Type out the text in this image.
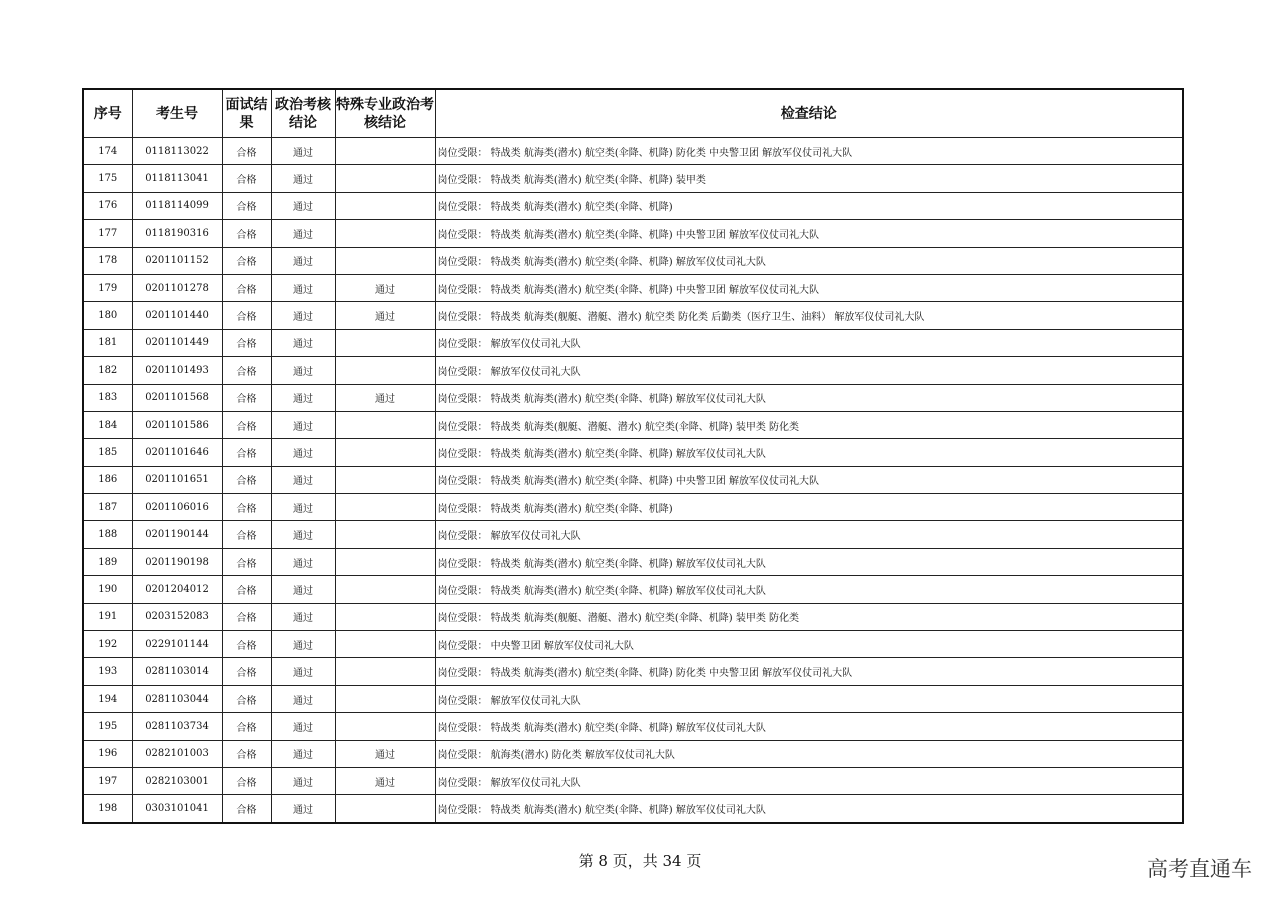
序号	考生号	面试结果	政治考核结论	特殊专业政治考核结论	检查结论
174	0118113022	合格	通过		岗位受限： 特战类 航海类(潜水) 航空类(伞降、机降) 防化类 中央警卫团 解放军仪仗司礼大队
175	0118113041	合格	通过		岗位受限： 特战类 航海类(潜水) 航空类(伞降、机降) 装甲类
176	0118114099	合格	通过		岗位受限： 特战类 航海类(潜水) 航空类(伞降、机降)
177	0118190316	合格	通过		岗位受限： 特战类 航海类(潜水) 航空类(伞降、机降) 中央警卫团 解放军仪仗司礼大队
178	0201101152	合格	通过		岗位受限： 特战类 航海类(潜水) 航空类(伞降、机降) 解放军仪仗司礼大队
179	0201101278	合格	通过	通过	岗位受限： 特战类 航海类(潜水) 航空类(伞降、机降) 中央警卫团 解放军仪仗司礼大队
180	0201101440	合格	通过	通过	岗位受限： 特战类 航海类(舰艇、潜艇、潜水) 航空类 防化类 后勤类（医疗卫生、油料） 解放军仪仗司礼大队
181	0201101449	合格	通过		岗位受限： 解放军仪仗司礼大队
182	0201101493	合格	通过		岗位受限： 解放军仪仗司礼大队
183	0201101568	合格	通过	通过	岗位受限： 特战类 航海类(潜水) 航空类(伞降、机降) 解放军仪仗司礼大队
184	0201101586	合格	通过		岗位受限： 特战类 航海类(舰艇、潜艇、潜水) 航空类(伞降、机降) 装甲类 防化类
185	0201101646	合格	通过		岗位受限： 特战类 航海类(潜水) 航空类(伞降、机降) 解放军仪仗司礼大队
186	0201101651	合格	通过		岗位受限： 特战类 航海类(潜水) 航空类(伞降、机降) 中央警卫团 解放军仪仗司礼大队
187	0201106016	合格	通过		岗位受限： 特战类 航海类(潜水) 航空类(伞降、机降)
188	0201190144	合格	通过		岗位受限： 解放军仪仗司礼大队
189	0201190198	合格	通过		岗位受限： 特战类 航海类(潜水) 航空类(伞降、机降) 解放军仪仗司礼大队
190	0201204012	合格	通过		岗位受限： 特战类 航海类(潜水) 航空类(伞降、机降) 解放军仪仗司礼大队
191	0203152083	合格	通过		岗位受限： 特战类 航海类(舰艇、潜艇、潜水) 航空类(伞降、机降) 装甲类 防化类
192	0229101144	合格	通过		岗位受限： 中央警卫团 解放军仪仗司礼大队
193	0281103014	合格	通过		岗位受限： 特战类 航海类(潜水) 航空类(伞降、机降) 防化类 中央警卫团 解放军仪仗司礼大队
194	0281103044	合格	通过		岗位受限： 解放军仪仗司礼大队
195	0281103734	合格	通过		岗位受限： 特战类 航海类(潜水) 航空类(伞降、机降) 解放军仪仗司礼大队
196	0282101003	合格	通过	通过	岗位受限： 航海类(潜水) 防化类 解放军仪仗司礼大队
197	0282103001	合格	通过	通过	岗位受限： 解放军仪仗司礼大队
198	0303101041	合格	通过		岗位受限： 特战类 航海类(潜水) 航空类(伞降、机降) 解放军仪仗司礼大队
第 8 页，共 34 页	高考直通车
